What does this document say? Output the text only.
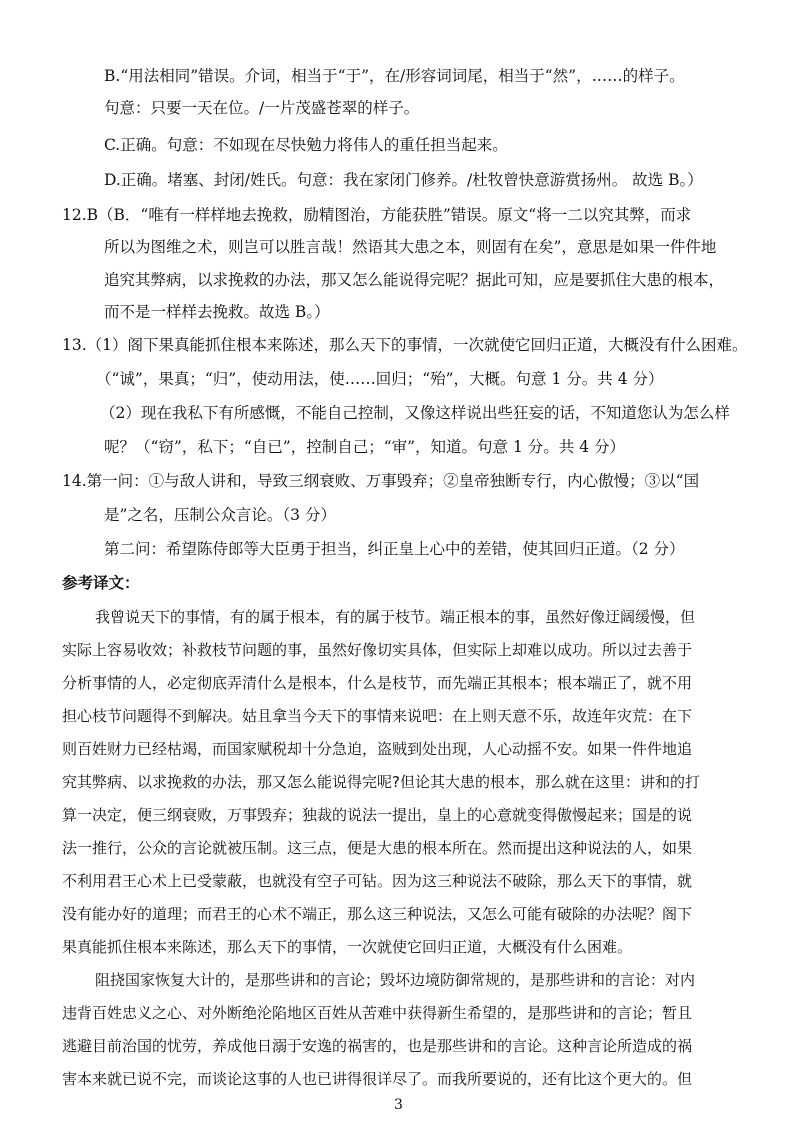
B.“用法相同”错误。介词，相当于“于”，在/形容词词尾，相当于“然”，……的样子。
句意：只要一天在位。/一片茂盛苍翠的样子。
C.正确。句意：不如现在尽快勉力将伟人的重任担当起来。
D.正确。堵塞、封闭/姓氏。句意：我在家闭门修养。/杜牧曾快意游赏扬州。 故选 B。）
12.B（B．“唯有一样样地去挽救，励精图治，方能获胜”错误。原文“将一二以究其弊，而求
所以为图维之术，则岂可以胜言哉！然语其大患之本，则固有在矣”，意思是如果一件件地
追究其弊病，以求挽救的办法，那又怎么能说得完呢？据此可知，应是要抓住大患的根本，
而不是一样样去挽救。故选 B。）
13.（1）阁下果真能抓住根本来陈述，那么天下的事情，一次就使它回归正道，大概没有什么困难。
（“诚”，果真；“归”，使动用法，使……回归；“殆”，大概。句意 1 分。共 4 分）
（2）现在我私下有所感慨，不能自己控制，又像这样说出些狂妄的话，不知道您认为怎么样
呢？（“窃”，私下；“自已”，控制自己；“审”，知道。句意 1 分。共 4 分）
14.第一问：①与敌人讲和，导致三纲衰败、万事毁弃；②皇帝独断专行，内心傲慢；③以“国
是”之名，压制公众言论。（3 分）
第二问：希望陈侍郎等大臣勇于担当，纠正皇上心中的差错，使其回归正道。（2 分）
参考译文：
我曾说天下的事情，有的属于根本，有的属于枝节。端正根本的事，虽然好像迂阔缓慢，但
实际上容易收效；补救枝节问题的事，虽然好像切实具体，但实际上却难以成功。所以过去善于
分析事情的人，必定彻底弄清什么是根本，什么是枝节，而先端正其根本；根本端正了，就不用
担心枝节问题得不到解决。姑且拿当今天下的事情来说吧：在上则天意不乐，故连年灾荒：在下
则百姓财力已经枯竭，而国家赋税却十分急迫，盗贼到处出现，人心动摇不安。如果一件件地追
究其弊病、以求挽救的办法，那又怎么能说得完呢?但论其大患的根本，那么就在这里：讲和的打
算一决定，便三纲衰败，万事毁弃；独裁的说法一提出，皇上的心意就变得傲慢起来；国是的说
法一推行，公众的言论就被压制。这三点，便是大患的根本所在。然而提出这种说法的人，如果
不利用君王心术上已受蒙蔽，也就没有空子可钻。因为这三种说法不破除，那么天下的事情，就
没有能办好的道理；而君王的心术不端正，那么这三种说法，又怎么可能有破除的办法呢？阁下
果真能抓住根本来陈述，那么天下的事情，一次就使它回归正道，大概没有什么困难。
阻挠国家恢复大计的，是那些讲和的言论；毁坏边境防御常规的，是那些讲和的言论：对内
违背百姓忠义之心、对外断绝沦陷地区百姓从苦难中获得新生希望的，是那些讲和的言论；暂且
逃避目前治国的忧劳，养成他日溺于安逸的祸害的，也是那些讲和的言论。这种言论所造成的祸
害本来就已说不完，而谈论这事的人也已讲得很详尽了。而我所要说的，还有比这个更大的。但
3
